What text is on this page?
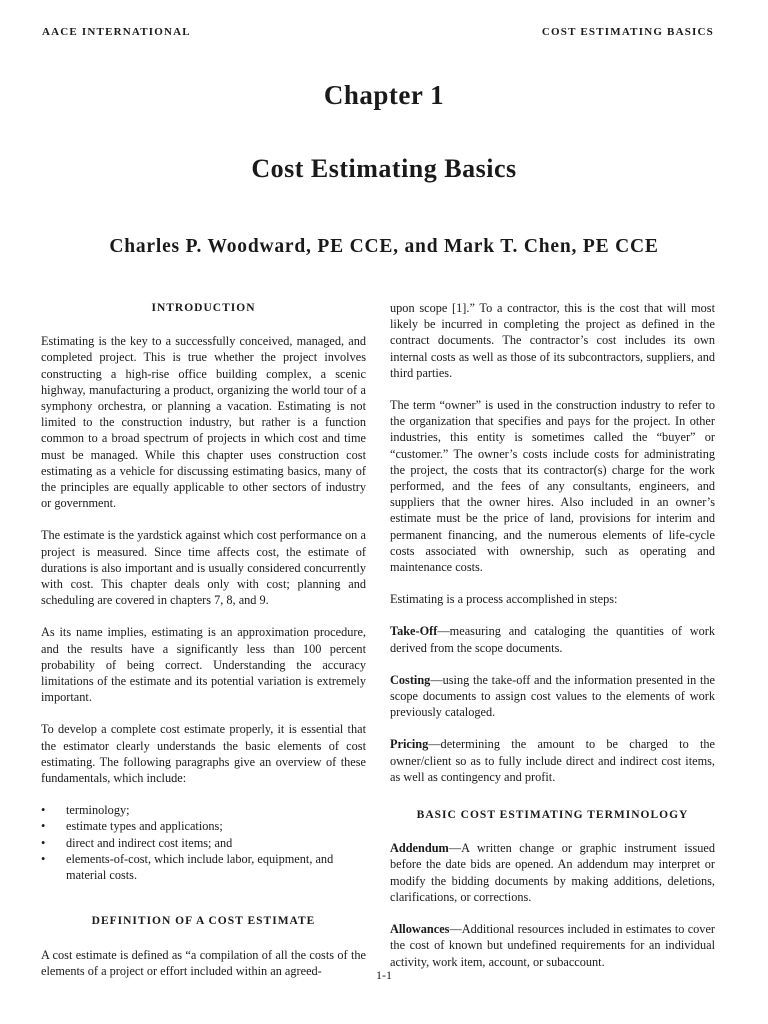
AACE INTERNATIONAL	COST ESTIMATING BASICS
Chapter 1
Cost Estimating Basics
Charles P. Woodward, PE CCE, and Mark T. Chen, PE CCE
INTRODUCTION

Estimating is the key to a successfully conceived, managed, and completed project. This is true whether the project involves constructing a high-rise office building complex, a scenic highway, manufacturing a product, organizing the world tour of a symphony orchestra, or planning a vacation. Estimating is not limited to the construction industry, but rather is a function common to a broad spectrum of projects in which cost and time must be managed. While this chapter uses construction cost estimating as a vehicle for discussing estimating basics, many of the principles are equally applicable to other sectors of industry or government.

The estimate is the yardstick against which cost performance on a project is measured. Since time affects cost, the estimate of durations is also important and is usually considered concurrently with cost. This chapter deals only with cost; planning and scheduling are covered in chapters 7, 8, and 9.

As its name implies, estimating is an approximation procedure, and the results have a significantly less than 100 percent probability of being correct. Understanding the accuracy limitations of the estimate and its potential variation is extremely important.

To develop a complete cost estimate properly, it is essential that the estimator clearly understands the basic elements of cost estimating. The following paragraphs give an overview of these fundamentals, which include:

• terminology;
• estimate types and applications;
• direct and indirect cost items; and
• elements-of-cost, which include labor, equipment, and material costs.
DEFINITION OF A COST ESTIMATE

A cost estimate is defined as “a compilation of all the costs of the elements of a project or effort included within an agreed-

upon scope [1].” To a contractor, this is the cost that will most likely be incurred in completing the project as defined in the contract documents. The contractor’s cost includes its own internal costs as well as those of its subcontractors, suppliers, and third parties.

The term “owner” is used in the construction industry to refer to the organization that specifies and pays for the project. In other industries, this entity is sometimes called the “buyer” or “customer.” The owner’s costs include costs for administrating the project, the costs that its contractor(s) charge for the work performed, and the fees of any consultants, engineers, and suppliers that the owner hires. Also included in an owner’s estimate must be the price of land, provisions for interim and permanent financing, and the numerous elements of life-cycle costs associated with ownership, such as operating and maintenance costs.

Estimating is a process accomplished in steps:

Take-Off—measuring and cataloging the quantities of work derived from the scope documents.

Costing—using the take-off and the information presented in the scope documents to assign cost values to the elements of work previously cataloged.

Pricing—determining the amount to be charged to the owner/client so as to fully include direct and indirect cost items, as well as contingency and profit.

BASIC COST ESTIMATING TERMINOLOGY

Addendum—A written change or graphic instrument issued before the date bids are opened. An addendum may interpret or modify the bidding documents by making additions, deletions, clarifications, or corrections.

Allowances—Additional resources included in estimates to cover the cost of known but undefined requirements for an individual activity, work item, account, or subaccount.

1-1
